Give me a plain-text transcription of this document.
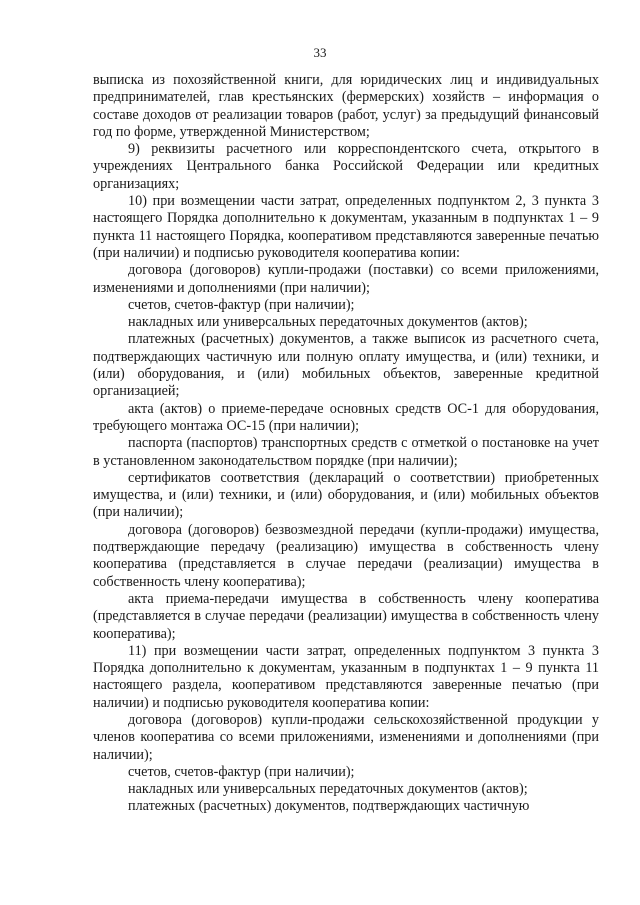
33

выписка из похозяйственной книги, для юридических лиц и индивидуальных предпринимателей, глав крестьянских (фермерских) хозяйств – информация о составе доходов от реализации товаров (работ, услуг) за предыдущий финансовый год по форме, утвержденной Министерством;

9) реквизиты расчетного или корреспондентского счета, открытого в учреждениях Центрального банка Российской Федерации или кредитных организациях;

10) при возмещении части затрат, определенных подпунктом 2, 3 пункта 3 настоящего Порядка дополнительно к документам, указанным в подпунктах 1 – 9 пункта 11 настоящего Порядка, кооперативом представляются заверенные печатью (при наличии) и подписью руководителя кооператива копии:

договора (договоров) купли-продажи (поставки) со всеми приложениями, изменениями и дополнениями (при наличии);

счетов, счетов-фактур (при наличии);

накладных или универсальных передаточных документов (актов);

платежных (расчетных) документов, а также выписок из расчетного счета, подтверждающих частичную или полную оплату имущества, и (или) техники, и (или) оборудования, и (или) мобильных объектов, заверенные кредитной организацией;

акта (актов) о приеме-передаче основных средств ОС-1 для оборудования, требующего монтажа ОС-15 (при наличии);

паспорта (паспортов) транспортных средств с отметкой о постановке на учет в установленном законодательством порядке (при наличии);

сертификатов соответствия (деклараций о соответствии) приобретенных имущества, и (или) техники, и (или) оборудования, и (или) мобильных объектов (при наличии);

договора (договоров) безвозмездной передачи (купли-продажи) имущества, подтверждающие передачу (реализацию) имущества в собственность члену кооператива (представляется в случае передачи (реализации) имущества в собственность члену кооператива);

акта приема-передачи имущества в собственность члену кооператива (представляется в случае передачи (реализации) имущества в собственность члену кооператива);

11) при возмещении части затрат, определенных подпунктом 3 пункта 3 Порядка дополнительно к документам, указанным в подпунктах 1 – 9 пункта 11 настоящего раздела, кооперативом представляются заверенные печатью (при наличии) и подписью руководителя кооператива копии:

договора (договоров) купли-продажи сельскохозяйственной продукции у членов кооператива со всеми приложениями, изменениями и дополнениями (при наличии);

счетов, счетов-фактур (при наличии);

накладных или универсальных передаточных документов (актов);

платежных (расчетных) документов, подтверждающих частичную
